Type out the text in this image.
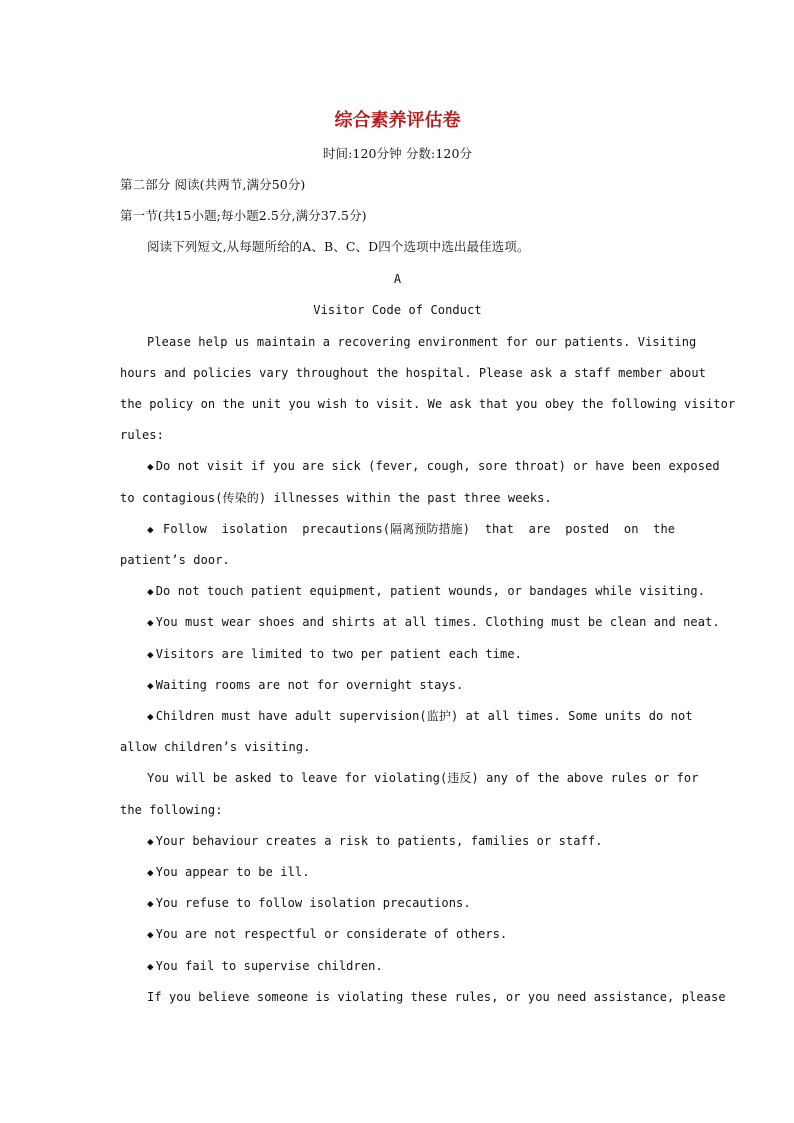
综合素养评估卷
时间:120分钟 分数:120分
第二部分 阅读(共两节,满分50分)
第一节(共15小题;每小题2.5分,满分37.5分)
阅读下列短文,从每题所给的A、B、C、D四个选项中选出最佳选项。
A
Visitor Code of Conduct
Please help us maintain a recovering environment for our patients. Visiting
hours and policies vary throughout the hospital. Please ask a staff member about
the policy on the unit you wish to visit. We ask that you obey the following visitor
rules:
◆ Do not visit if you are sick (fever, cough, sore throat) or have been exposed
to contagious(传染的) illnesses within the past three weeks.
◆ Follow  isolation  precautions(隔离预防措施)  that  are  posted  on  the
patient’s door.
◆ Do not touch patient equipment, patient wounds, or bandages while visiting.
◆ You must wear shoes and shirts at all times. Clothing must be clean and neat.
◆ Visitors are limited to two per patient each time.
◆ Waiting rooms are not for overnight stays.
◆ Children must have adult supervision(监护) at all times. Some units do not
allow children’s visiting.
You will be asked to leave for violating(违反) any of the above rules or for
the following:
◆ Your behaviour creates a risk to patients, families or staff.
◆ You appear to be ill.
◆ You refuse to follow isolation precautions.
◆ You are not respectful or considerate of others.
◆ You fail to supervise children.
If you believe someone is violating these rules, or you need assistance, please
